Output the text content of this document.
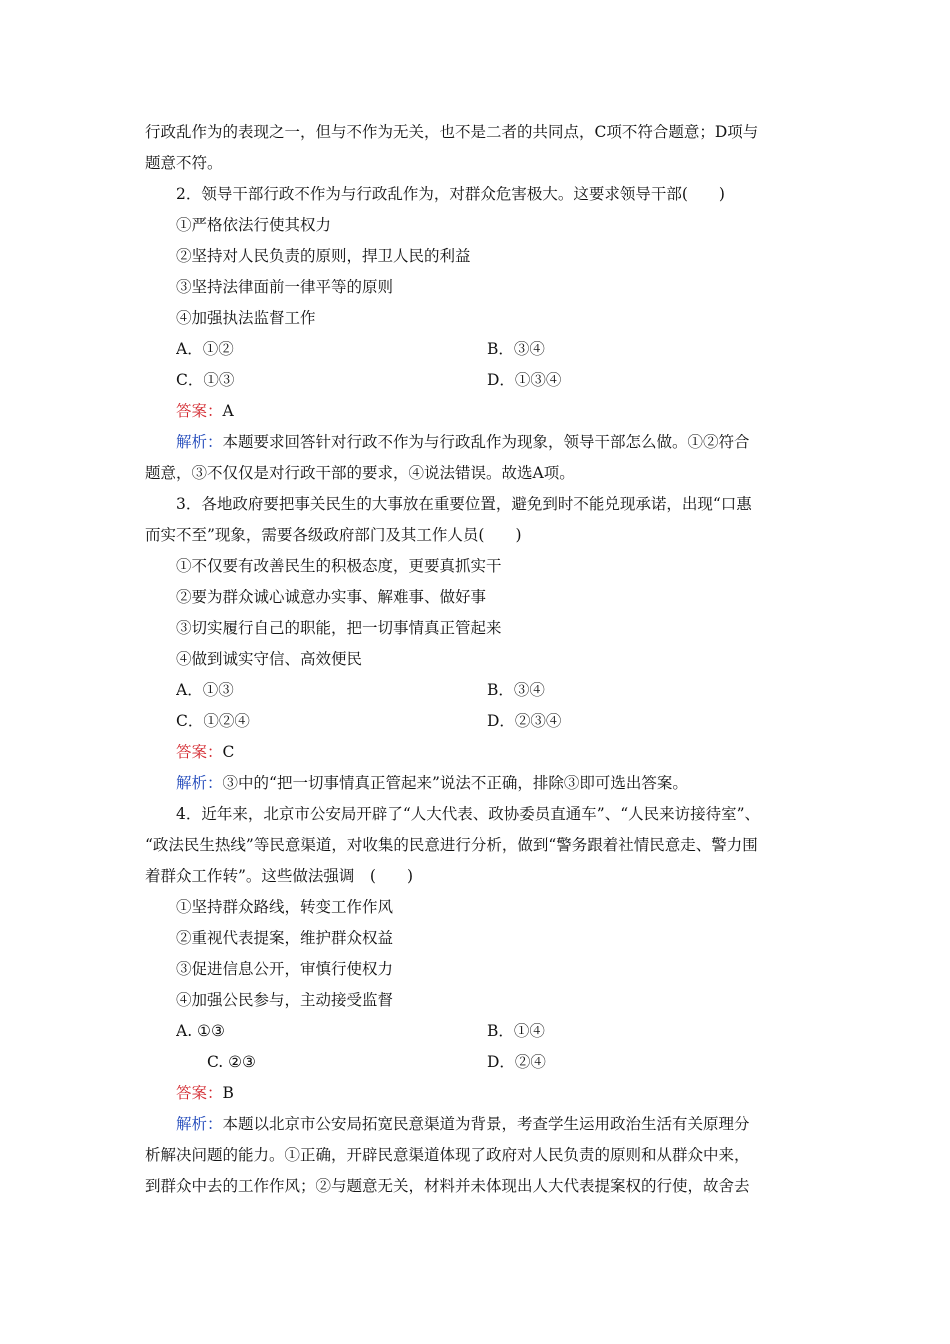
行政乱作为的表现之一，但与不作为无关，也不是二者的共同点，C项不符合题意；D项与
题意不符。
2．领导干部行政不作为与行政乱作为，对群众危害极大。这要求领导干部(　　)
①严格依法行使其权力
②坚持对人民负责的原则，捍卫人民的利益
③坚持法律面前一律平等的原则
④加强执法监督工作
A．①②	B．③④
C．①③	D．①③④
答案：A
解析：本题要求回答针对行政不作为与行政乱作为现象，领导干部怎么做。①②符合
题意，③不仅仅是对行政干部的要求，④说法错误。故选A项。
3．各地政府要把事关民生的大事放在重要位置，避免到时不能兑现承诺，出现“口惠
而实不至”现象，需要各级政府部门及其工作人员(　　)
①不仅要有改善民生的积极态度，更要真抓实干
②要为群众诚心诚意办实事、解难事、做好事
③切实履行自己的职能，把一切事情真正管起来
④做到诚实守信、高效便民
A．①③	B．③④
C．①②④	D．②③④
答案：C
解析：③中的“把一切事情真正管起来”说法不正确，排除③即可选出答案。
4．近年来，北京市公安局开辟了“人大代表、政协委员直通车”、“人民来访接待室”、
“政法民生热线”等民意渠道，对收集的民意进行分析，做到“警务跟着社情民意走、警力围
着群众工作转”。这些做法强调　(　　)
①坚持群众路线，转变工作作风
②重视代表提案，维护群众权益
③促进信息公开，审慎行使权力
④加强公民参与，主动接受监督
A. ①③	B．①④
C. ②③	D．②④
答案：B
解析：本题以北京市公安局拓宽民意渠道为背景，考查学生运用政治生活有关原理分
析解决问题的能力。①正确，开辟民意渠道体现了政府对人民负责的原则和从群众中来，
到群众中去的工作作风；②与题意无关，材料并未体现出人大代表提案权的行使，故舍去
